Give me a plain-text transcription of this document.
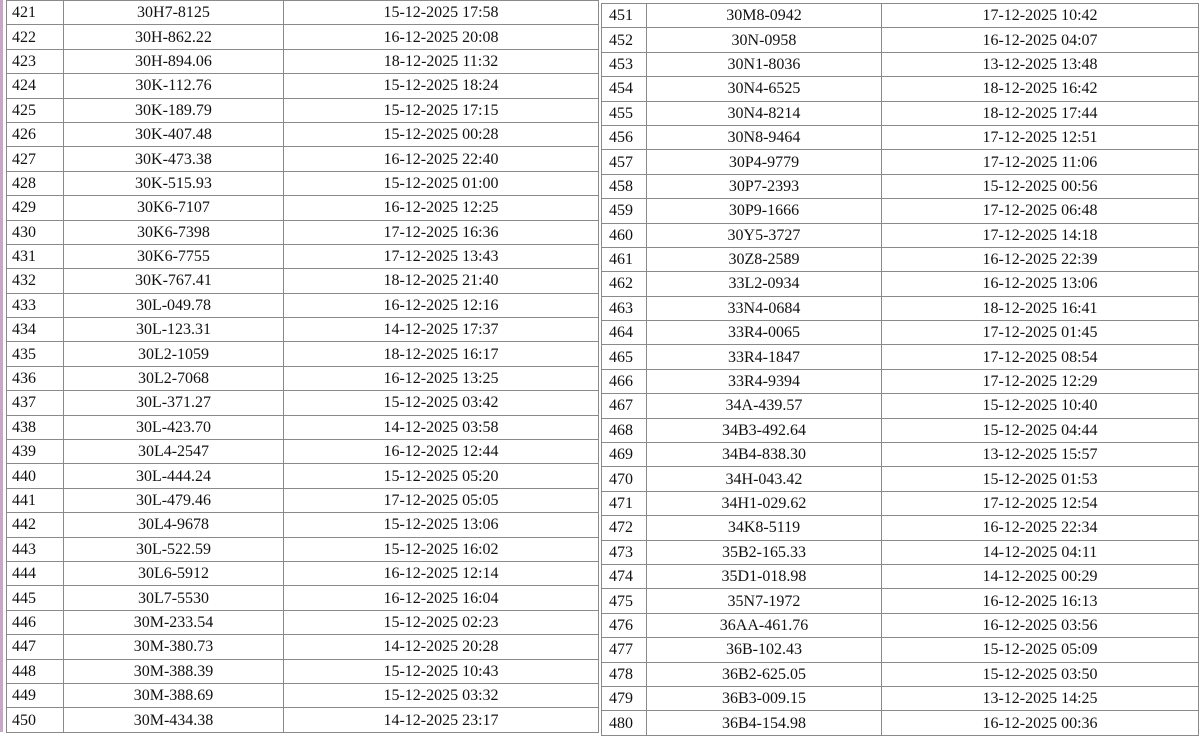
421	30H7-8125	15-12-2025 17:58
422	30H-862.22	16-12-2025 20:08
423	30H-894.06	18-12-2025 11:32
424	30K-112.76	15-12-2025 18:24
425	30K-189.79	15-12-2025 17:15
426	30K-407.48	15-12-2025 00:28
427	30K-473.38	16-12-2025 22:40
428	30K-515.93	15-12-2025 01:00
429	30K6-7107	16-12-2025 12:25
430	30K6-7398	17-12-2025 16:36
431	30K6-7755	17-12-2025 13:43
432	30K-767.41	18-12-2025 21:40
433	30L-049.78	16-12-2025 12:16
434	30L-123.31	14-12-2025 17:37
435	30L2-1059	18-12-2025 16:17
436	30L2-7068	16-12-2025 13:25
437	30L-371.27	15-12-2025 03:42
438	30L-423.70	14-12-2025 03:58
439	30L4-2547	16-12-2025 12:44
440	30L-444.24	15-12-2025 05:20
441	30L-479.46	17-12-2025 05:05
442	30L4-9678	15-12-2025 13:06
443	30L-522.59	15-12-2025 16:02
444	30L6-5912	16-12-2025 12:14
445	30L7-5530	16-12-2025 16:04
446	30M-233.54	15-12-2025 02:23
447	30M-380.73	14-12-2025 20:28
448	30M-388.39	15-12-2025 10:43
449	30M-388.69	15-12-2025 03:32
450	30M-434.38	14-12-2025 23:17
451	30M8-0942	17-12-2025 10:42
452	30N-0958	16-12-2025 04:07
453	30N1-8036	13-12-2025 13:48
454	30N4-6525	18-12-2025 16:42
455	30N4-8214	18-12-2025 17:44
456	30N8-9464	17-12-2025 12:51
457	30P4-9779	17-12-2025 11:06
458	30P7-2393	15-12-2025 00:56
459	30P9-1666	17-12-2025 06:48
460	30Y5-3727	17-12-2025 14:18
461	30Z8-2589	16-12-2025 22:39
462	33L2-0934	16-12-2025 13:06
463	33N4-0684	18-12-2025 16:41
464	33R4-0065	17-12-2025 01:45
465	33R4-1847	17-12-2025 08:54
466	33R4-9394	17-12-2025 12:29
467	34A-439.57	15-12-2025 10:40
468	34B3-492.64	15-12-2025 04:44
469	34B4-838.30	13-12-2025 15:57
470	34H-043.42	15-12-2025 01:53
471	34H1-029.62	17-12-2025 12:54
472	34K8-5119	16-12-2025 22:34
473	35B2-165.33	14-12-2025 04:11
474	35D1-018.98	14-12-2025 00:29
475	35N7-1972	16-12-2025 16:13
476	36AA-461.76	16-12-2025 03:56
477	36B-102.43	15-12-2025 05:09
478	36B2-625.05	15-12-2025 03:50
479	36B3-009.15	13-12-2025 14:25
480	36B4-154.98	16-12-2025 00:36
